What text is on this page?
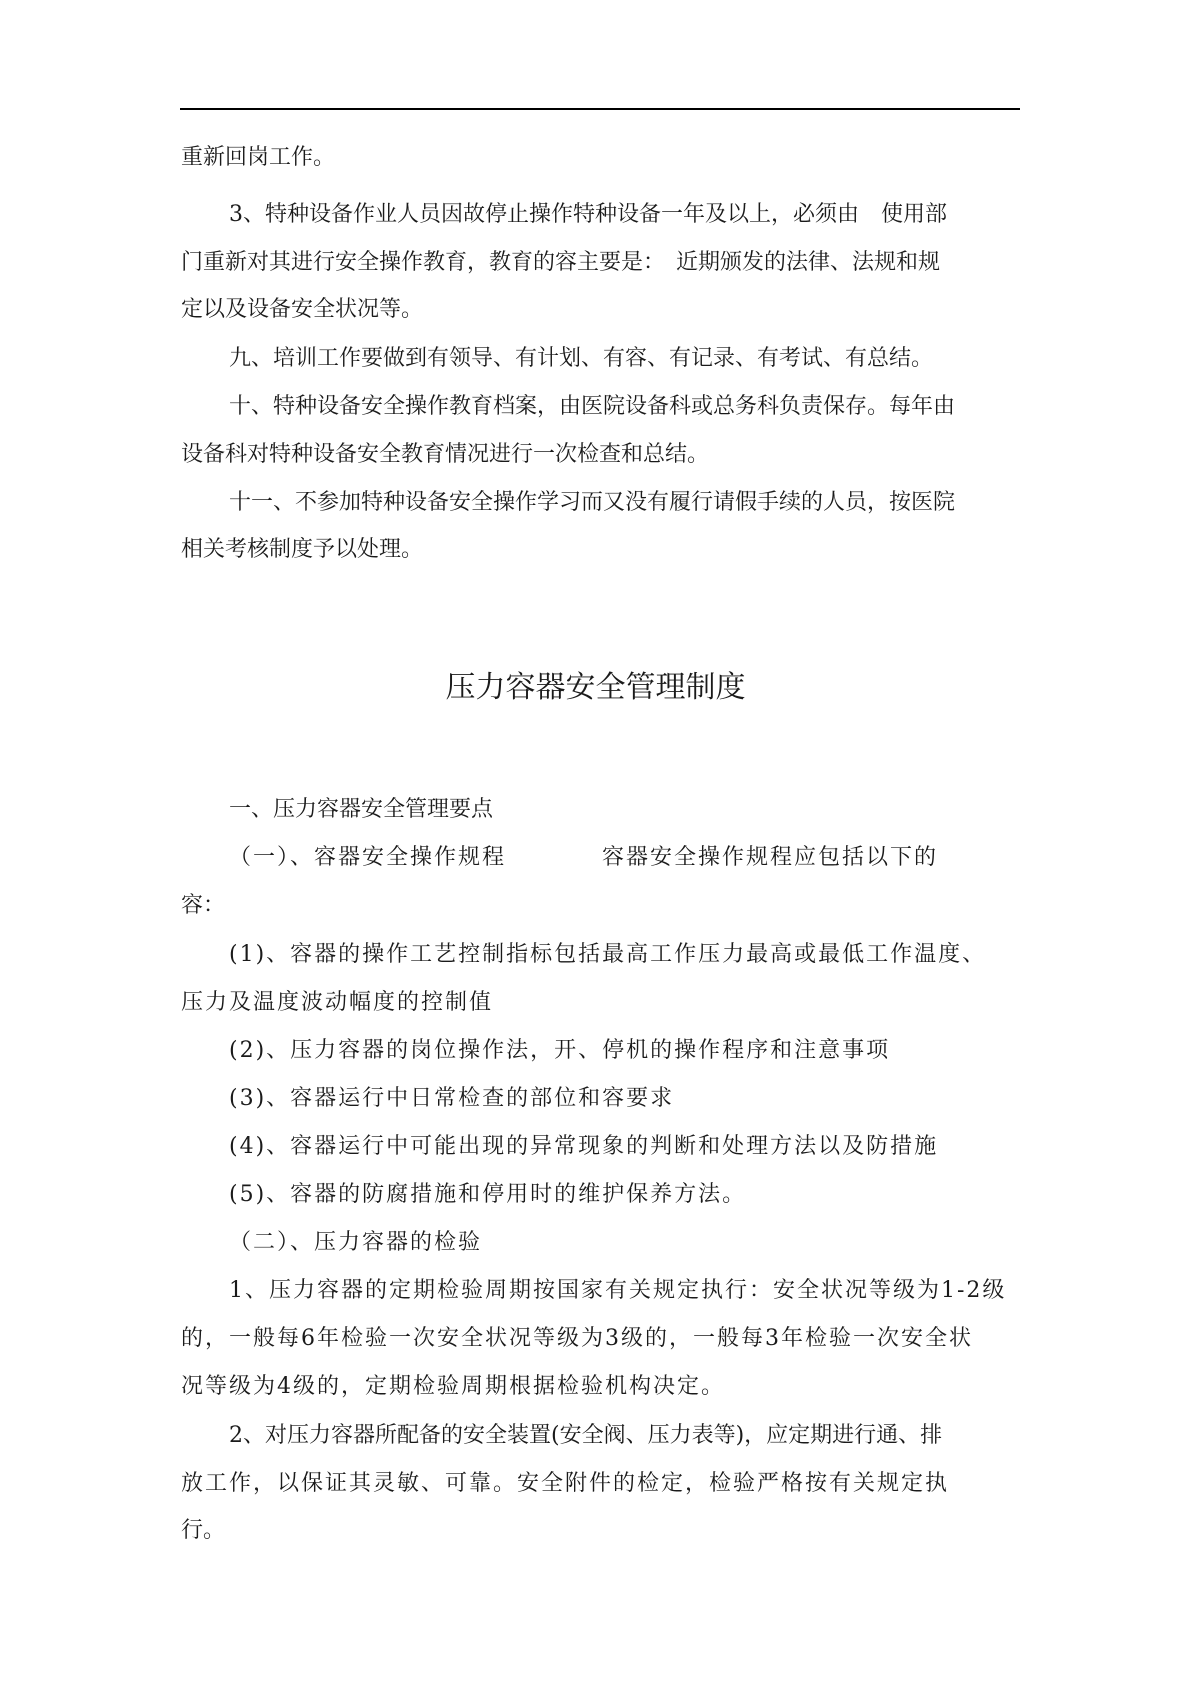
重新回岗工作。

3、特种设备作业人员因故停止操作特种设备一年及以上，必须由　使用部

门重新对其进行安全操作教育，教育的容主要是：　近期颁发的法律、法规和规

定以及设备安全状况等。

九、培训工作要做到有领导、有计划、有容、有记录、有考试、有总结。

十、特种设备安全操作教育档案，由医院设备科或总务科负责保存。每年由

设备科对特种设备安全教育情况进行一次检查和总结。

十一、不参加特种设备安全操作学习而又没有履行请假手续的人员，按医院

相关考核制度予以处理。

压力容器安全管理制度

一、压力容器安全管理要点

（一）、容器安全操作规程　　　　容器安全操作规程应包括以下的

容：

(1)、容器的操作工艺控制指标包括最高工作压力最高或最低工作温度、

压力及温度波动幅度的控制值

(2)、压力容器的岗位操作法，开、停机的操作程序和注意事项

(3)、容器运行中日常检查的部位和容要求

(4)、容器运行中可能出现的异常现象的判断和处理方法以及防措施

(5)、容器的防腐措施和停用时的维护保养方法。

（二）、压力容器的检验

1、压力容器的定期检验周期按国家有关规定执行：安全状况等级为1-2级

的，一般每6年检验一次安全状况等级为3级的，一般每3年检验一次安全状

况等级为4级的，定期检验周期根据检验机构决定。

2、对压力容器所配备的安全装置(安全阀、压力表等)，应定期进行通、排

放工作，以保证其灵敏、可靠。安全附件的检定，检验严格按有关规定执

行。
